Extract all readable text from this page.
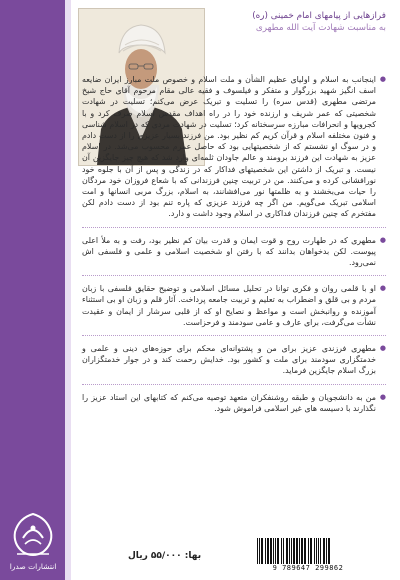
فرازهایی از پیامهای امام خمینی (ره)
به مناسبت شهادت آیت الله مطهری

● اینجانب به اسلام و اولیای عظیم الشأن و ملت اسلام و خصوص ملت مبارز ایران ضایعه اسف انگیز شهید بزرگوار و متفکر و فیلسوف و فقیه عالی مقام مرحوم آقای حاج شیخ مرتضی مطهری (قدس سره) را تسلیت و تبریک عرض می‌کنم؛ تسلیت در شهادت شخصیتی که عمر شریف و ارزنده خود را در راه اهداف مقدس اسلام صرف کرد و با کجرویها و انحرافات مبارزه سرسختانه کرد؛ تسلیت در شهادت مردی که در اسلام شناسی و فنون مختلفه اسلام و قرآن کریم کم نظیر بود. من فرزند بسیار عزیزی را از دست دادم و در سوگ او نشستم که از شخصیتهایی بود که حاصل عمرم محسوب می‌شد. در اسلام عزیز به شهادت این فرزند برومند و عالم جاودان ثلمه‌ای وارد شد که هیچ چیز جایگزین آن نیست. و تبریک از داشتن این شخصیتهای فداکار که در زندگی و پس از آن با جلوه خود نورافشانی کرده و می‌کنند. من در تربیت چنین فرزندانی که با شعاع فروزان خود مردگان را حیات می‌بخشند و به ظلمتها نور می‌افشانند، به اسلام، بزرگ مربی انسانها و امت اسلامی تبریک می‌گویم. من اگر چه فرزند عزیزی که پاره تنم بود از دست دادم لکن مفتخرم که چنین فرزندان فداکاری در اسلام وجود داشت و دارد.

● مطهری که در طهارت روح و قوت ایمان و قدرت بیان کم نظیر بود، رفت و به ملأ اعلی پیوست. لکن بدخواهان بدانند که با رفتن او شخصیت اسلامی و علمی و فلسفی اش نمی‌رود.

● او با قلمی روان و فکری توانا در تحلیل مسائل اسلامی و توضیح حقایق فلسفی با زبان مردم و بی قلق و اضطراب به تعلیم و تربیت جامعه پرداخت. آثار قلم و زبان او بی استثناء آموزنده و روانبخش است و مواعظ و نصایح او که از قلبی سرشار از ایمان و عقیدت نشأت می‌گرفت، برای عارف و عامی سودمند و فرحزاست.

● مطهری فرزندی عزیز برای من و پشتوانه‌ای محکم برای حوزه‌های دینی و علمی و خدمتگزاری سودمند برای ملت و کشور بود. خدایش رحمت کند و در جوار خدمتگزاران بزرگ اسلام جایگزین فرماید.

● من به دانشجویان و طبقه روشنفکران متعهد توصیه می‌کنم که کتابهای این استاد عزیز را نگذارند با دسیسه های غیر اسلامی فراموش شود.

انتشارات صدرا
بها: ۵۵/۰۰۰ ریال
9 789647 299862
